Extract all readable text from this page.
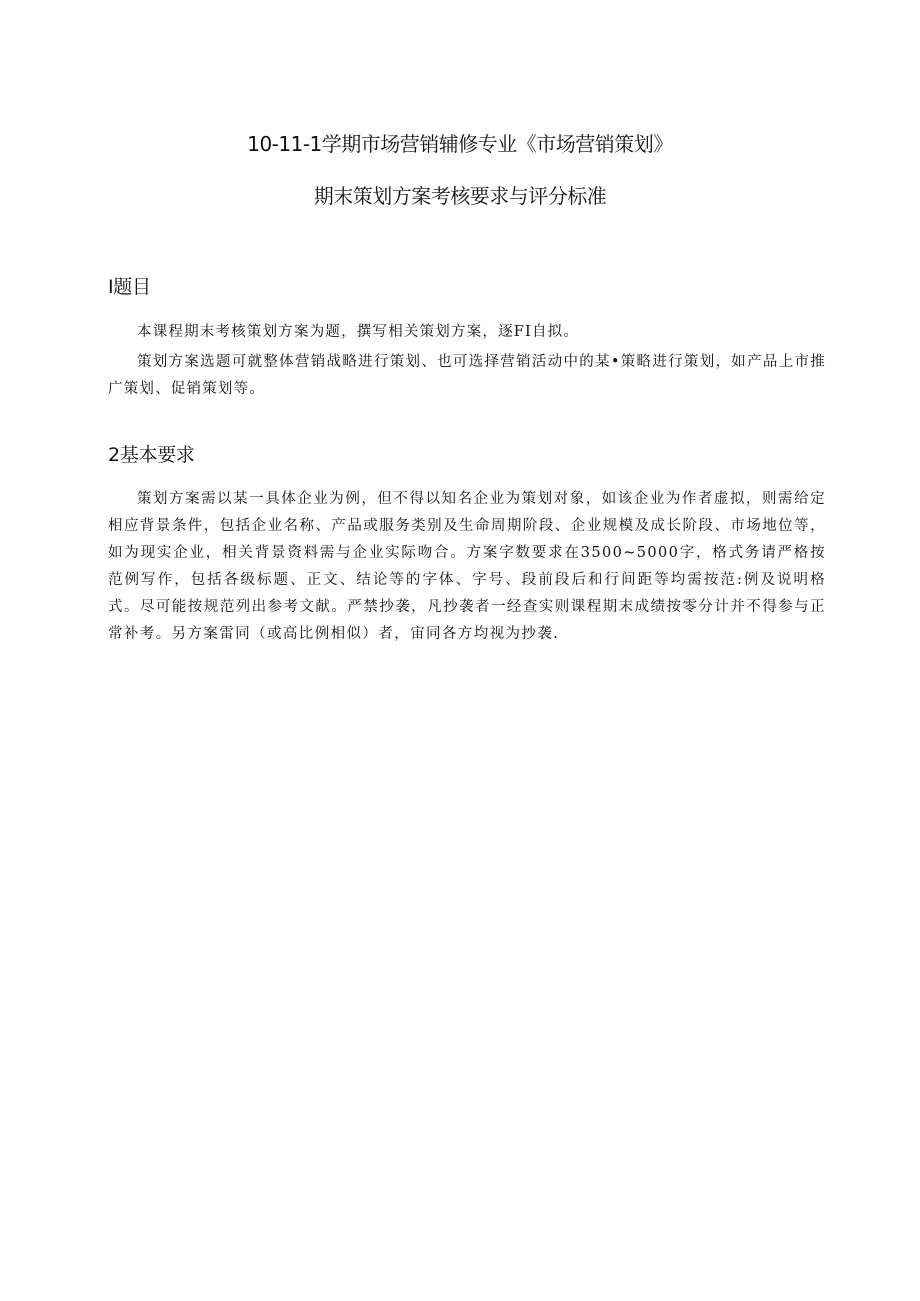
10-11-1学期市场营销辅修专业《市场营销策划》
期末策划方案考核要求与评分标准
I题目

本课程期末考核策划方案为题，撰写相关策划方案，逐FI自拟。

策划方案选题可就整体营销战略进行策划、也可选择营销活动中的某•策略进行策划，如产品上市推广策划、促销策划等。

2基本要求

策划方案需以某一具体企业为例，但不得以知名企业为策划对象，如该企业为作者虚拟，则需给定相应背景条件，包括企业名称、产品或服务类别及生命周期阶段、企业规模及成长阶段、市场地位等，如为现实企业，相关背景资料需与企业实际吻合。方案字数要求在3500~5000字，格式务请严格按范例写作，包括各级标题、正文、结论等的字体、字号、段前段后和行间距等均需按范:例及说明格式。尽可能按规范列出参考文献。严禁抄袭，凡抄袭者一经查实则课程期末成绩按零分计并不得参与正常补考。另方案雷同（或高比例相似）者，宙同各方均视为抄袭.
